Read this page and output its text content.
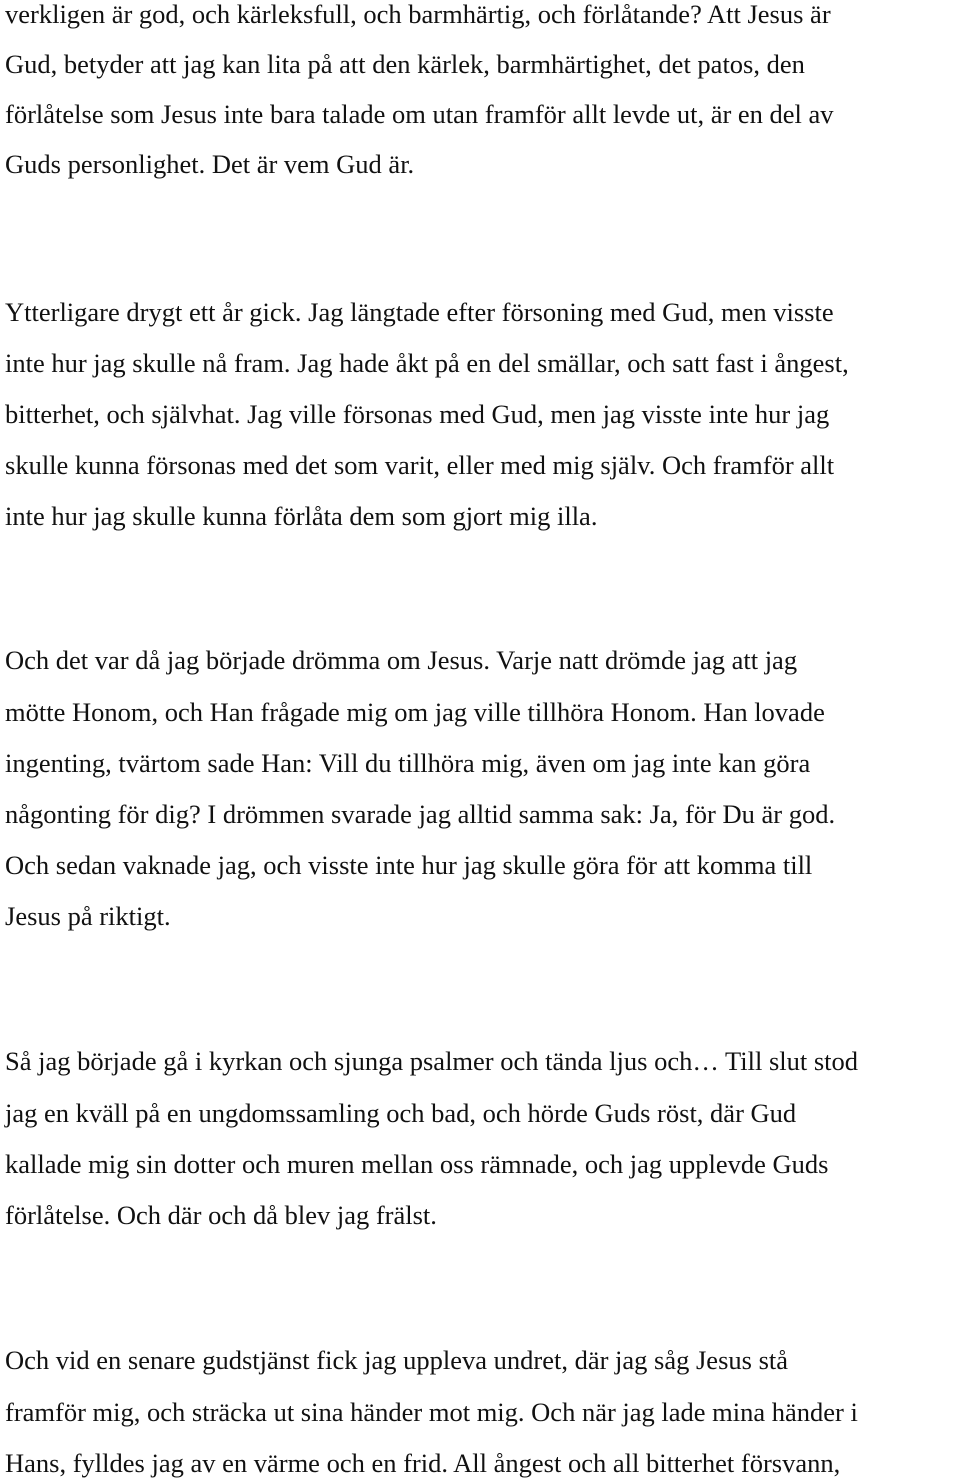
verkligen är god, och kärleksfull, och barmhärtig, och förlåtande? Att Jesus är
Gud, betyder att jag kan lita på att den kärlek, barmhärtighet, det patos, den
förlåtelse som Jesus inte bara talade om utan framför allt levde ut, är en del av
Guds personlighet. Det är vem Gud är.
Ytterligare drygt ett år gick. Jag längtade efter försoning med Gud, men visste
inte hur jag skulle nå fram. Jag hade åkt på en del smällar, och satt fast i ångest,
bitterhet, och självhat. Jag ville försonas med Gud, men jag visste inte hur jag
skulle kunna försonas med det som varit, eller med mig själv. Och framför allt
inte hur jag skulle kunna förlåta dem som gjort mig illa.
Och det var då jag började drömma om Jesus. Varje natt drömde jag att jag
mötte Honom, och Han frågade mig om jag ville tillhöra Honom. Han lovade
ingenting, tvärtom sade Han: Vill du tillhöra mig, även om jag inte kan göra
någonting för dig? I drömmen svarade jag alltid samma sak: Ja, för Du är god.
Och sedan vaknade jag, och visste inte hur jag skulle göra för att komma till
Jesus på riktigt.
Så jag började gå i kyrkan och sjunga psalmer och tända ljus och… Till slut stod
jag en kväll på en ungdomssamling och bad, och hörde Guds röst, där Gud
kallade mig sin dotter och muren mellan oss rämnade, och jag upplevde Guds
förlåtelse. Och där och då blev jag frälst.
Och vid en senare gudstjänst fick jag uppleva undret, där jag såg Jesus stå
framför mig, och sträcka ut sina händer mot mig. Och när jag lade mina händer i
Hans, fylldes jag av en värme och en frid. All ångest och all bitterhet försvann,
